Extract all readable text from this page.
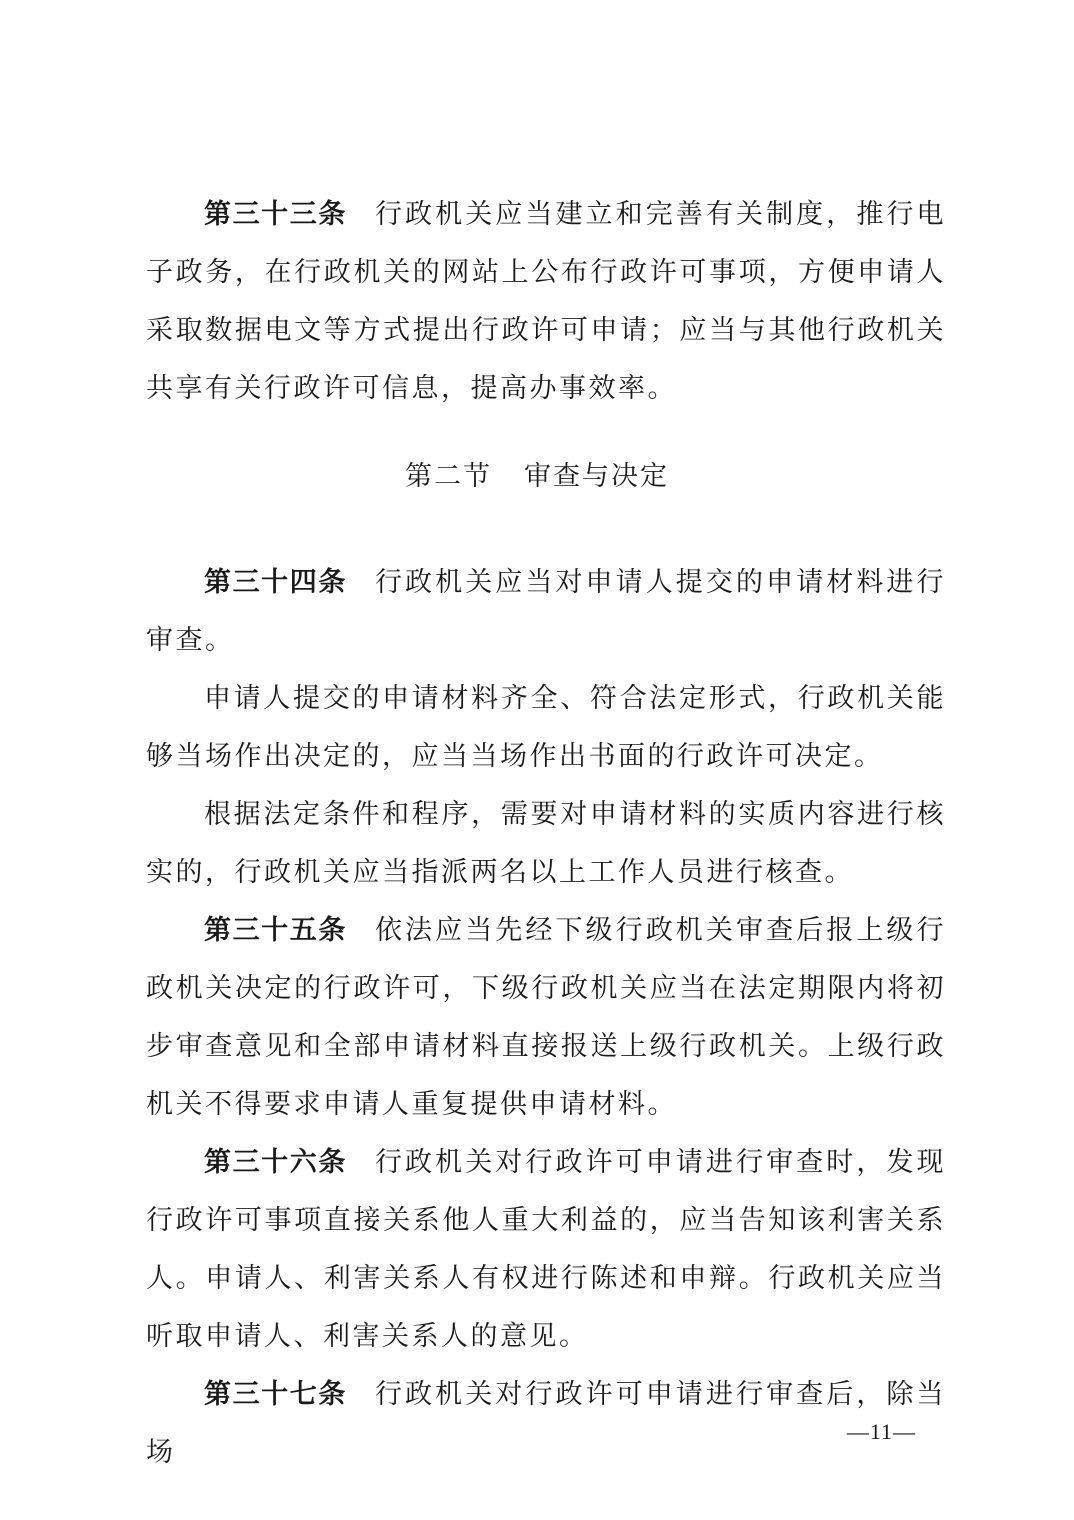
第三十三条 行政机关应当建立和完善有关制度，推行电子政务，在行政机关的网站上公布行政许可事项，方便申请人采取数据电文等方式提出行政许可申请；应当与其他行政机关共享有关行政许可信息，提高办事效率。

第二节 审查与决定

第三十四条 行政机关应当对申请人提交的申请材料进行审查。

申请人提交的申请材料齐全、符合法定形式，行政机关能够当场作出决定的，应当当场作出书面的行政许可决定。

根据法定条件和程序，需要对申请材料的实质内容进行核实的，行政机关应当指派两名以上工作人员进行核查。

第三十五条 依法应当先经下级行政机关审查后报上级行政机关决定的行政许可，下级行政机关应当在法定期限内将初步审查意见和全部申请材料直接报送上级行政机关。上级行政机关不得要求申请人重复提供申请材料。

第三十六条 行政机关对行政许可申请进行审查时，发现行政许可事项直接关系他人重大利益的，应当告知该利害关系人。申请人、利害关系人有权进行陈述和申辩。行政机关应当听取申请人、利害关系人的意见。

第三十七条 行政机关对行政许可申请进行审查后，除当场

—11—
